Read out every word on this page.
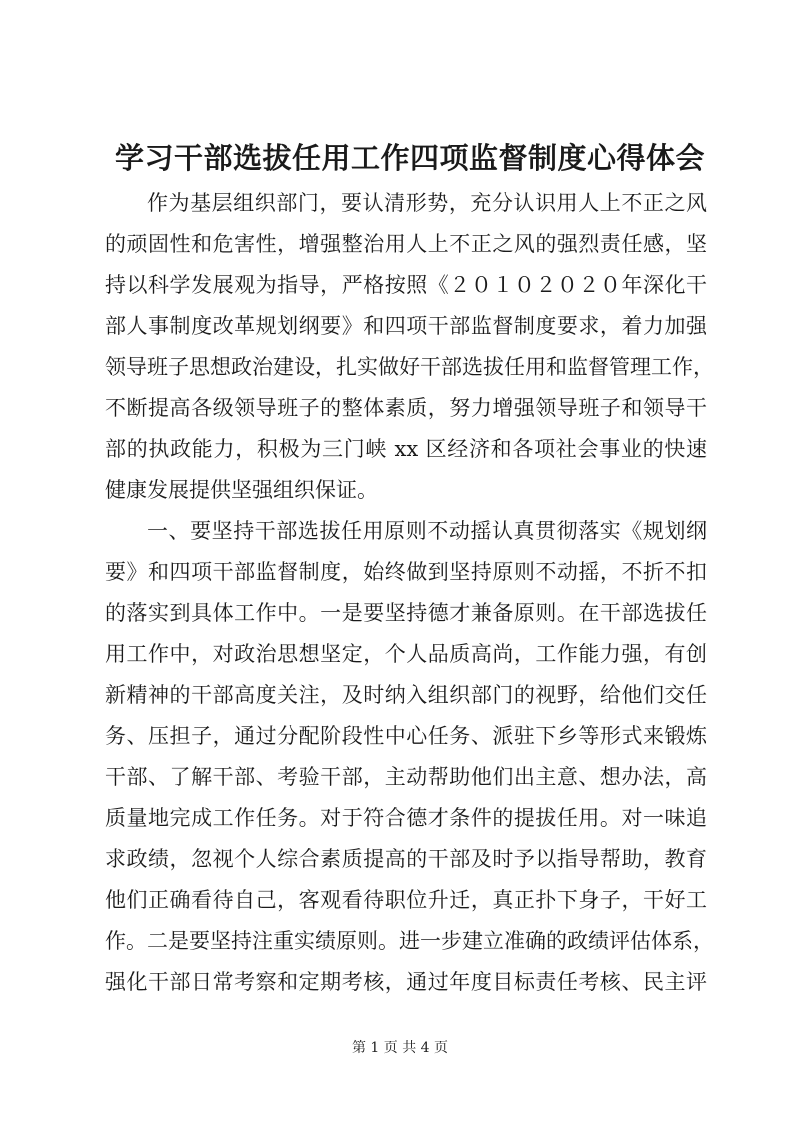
学习干部选拔任用工作四项监督制度心得体会
作为基层组织部门，要认清形势，充分认识用人上不正之风
的顽固性和危害性，增强整治用人上不正之风的强烈责任感，坚
持以科学发展观为指导，严格按照《２０１０２０２０年深化干
部人事制度改革规划纲要》和四项干部监督制度要求，着力加强
领导班子思想政治建设，扎实做好干部选拔任用和监督管理工作，
不断提高各级领导班子的整体素质，努力增强领导班子和领导干
部的执政能力，积极为三门峡 xx 区经济和各项社会事业的快速
健康发展提供坚强组织保证。
一、要坚持干部选拔任用原则不动摇认真贯彻落实《规划纲
要》和四项干部监督制度，始终做到坚持原则不动摇，不折不扣
的落实到具体工作中。一是要坚持德才兼备原则。在干部选拔任
用工作中，对政治思想坚定，个人品质高尚，工作能力强，有创
新精神的干部高度关注，及时纳入组织部门的视野，给他们交任
务、压担子，通过分配阶段性中心任务、派驻下乡等形式来锻炼
干部、了解干部、考验干部，主动帮助他们出主意、想办法，高
质量地完成工作任务。对于符合德才条件的提拔任用。对一味追
求政绩，忽视个人综合素质提高的干部及时予以指导帮助，教育
他们正确看待自己，客观看待职位升迁，真正扑下身子，干好工
作。二是要坚持注重实绩原则。进一步建立准确的政绩评估体系，
强化干部日常考察和定期考核，通过年度目标责任考核、民主评
第 1 页 共 4 页
